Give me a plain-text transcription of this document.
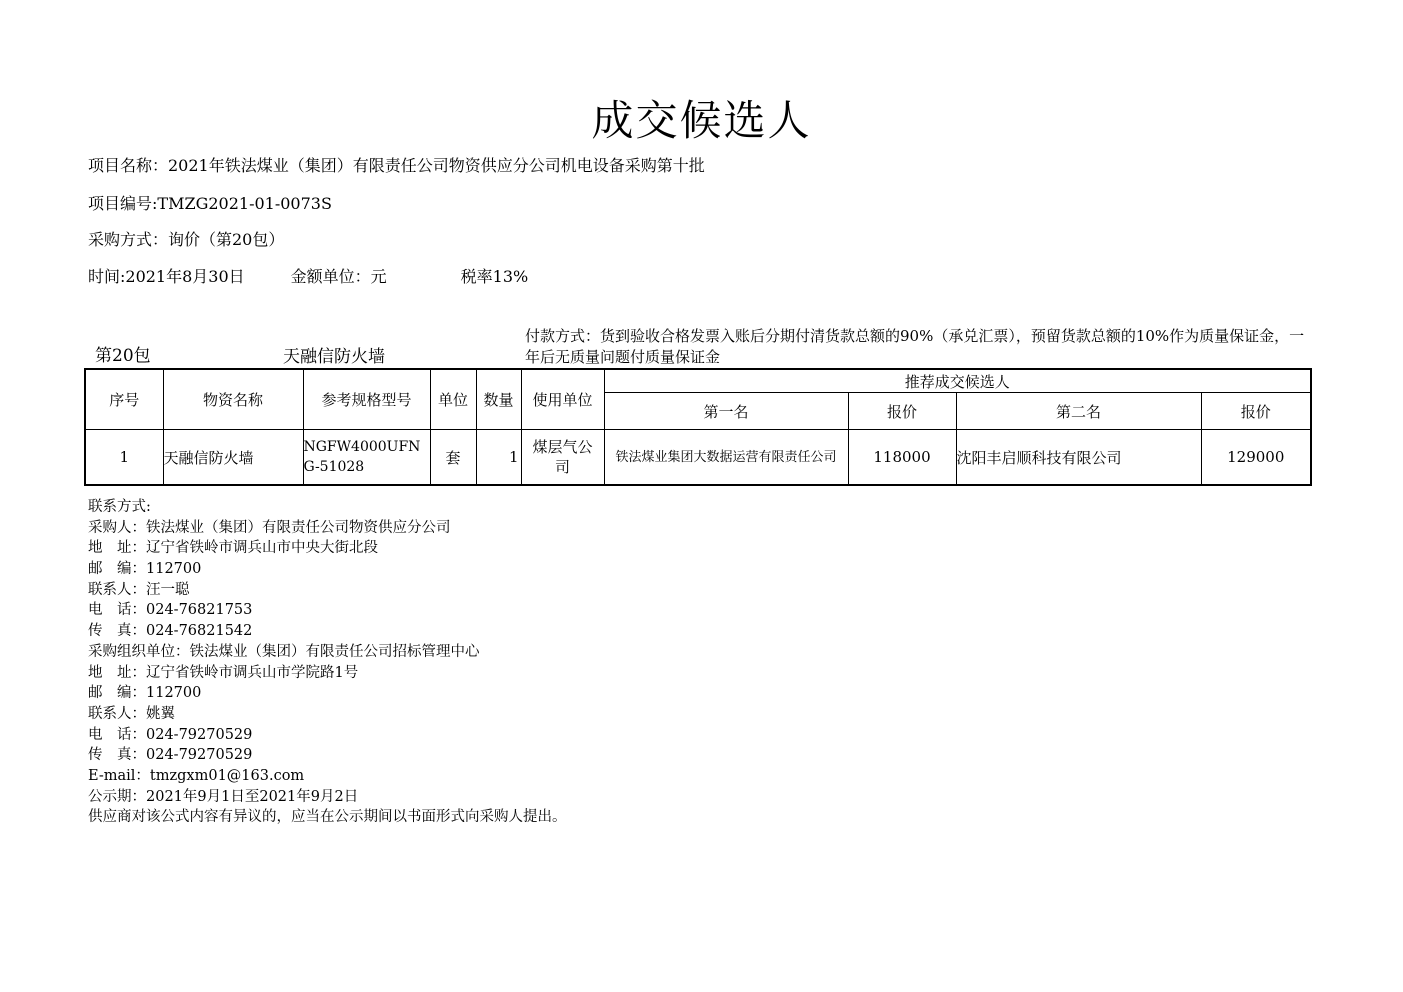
成交候选人
项目名称：2021年铁法煤业（集团）有限责任公司物资供应分公司机电设备采购第十批
项目编号:TMZG2021-01-0073S
采购方式：询价（第20包）
时间:2021年8月30日	金额单位：元	税率13%
第20包	天融信防火墙
付款方式：货到验收合格发票入账后分期付清货款总额的90%（承兑汇票），预留货款总额的10%作为质量保证金，一年后无质量问题付质量保证金
序号	物资名称	参考规格型号	单位	数量	使用单位	推荐成交候选人			
						第一名	报价	第二名	报价
1	天融信防火墙	NGFW4000UFNG-51028	套	1	煤层气公司	铁法煤业集团大数据运营有限责任公司	118000	沈阳丰启顺科技有限公司	129000
联系方式:
采购人：铁法煤业（集团）有限责任公司物资供应分公司
地　址：辽宁省铁岭市调兵山市中央大街北段
邮　编：112700
联系人：汪一聪
电　话：024-76821753
传　真：024-76821542
采购组织单位：铁法煤业（集团）有限责任公司招标管理中心
地　址：辽宁省铁岭市调兵山市学院路1号
邮　编：112700
联系人：姚翼
电　话：024-79270529
传　真：024-79270529
E-mail：tmzgxm01@163.com
公示期：2021年9月1日至2021年9月2日
供应商对该公式内容有异议的，应当在公示期间以书面形式向采购人提出。
